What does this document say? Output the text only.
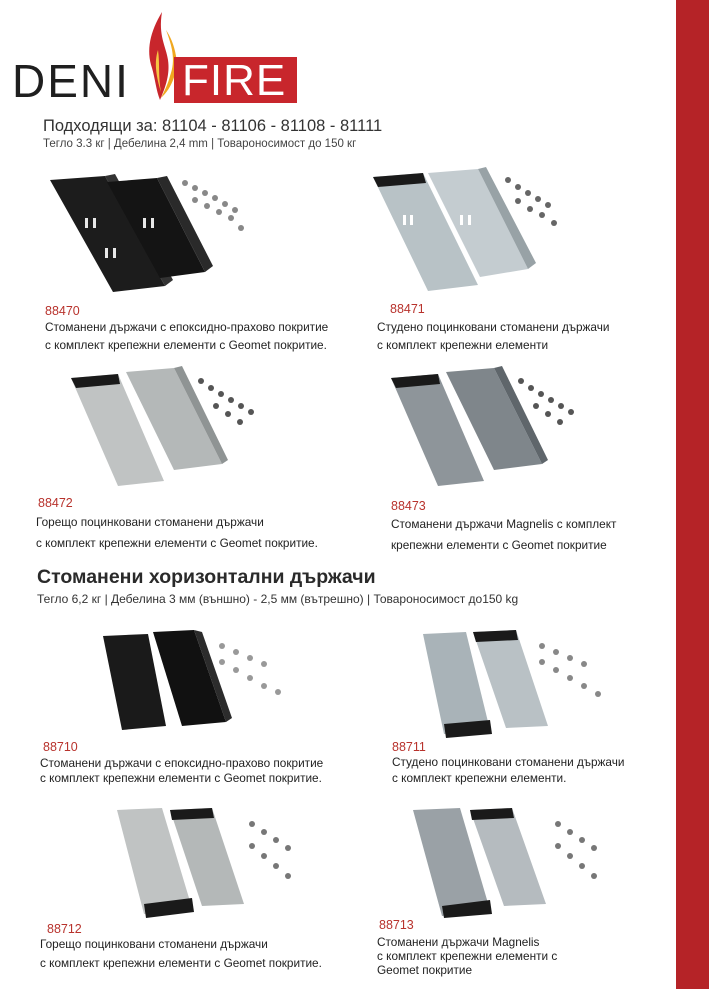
DENI FIRE
Подходящи за: 81104 - 81106 - 81108 - 81111
Тегло 3.3 кг | Дебелина 2,4 mm | Товароносимост до 150 кг
88470
Стоманени държачи с епоксидно-прахово покритие
с комплект крепежни елементи с Geomet покритие.
88471
Студено поцинковани стоманени държачи
с комплект крепежни елементи
88472
Горещо поцинковани стоманени държачи
с комплект крепежни елементи с Geomet покритие.
88473
Стоманени държачи Magnelis с комплект
крепежни елементи с Geomet покритие
Стоманени хоризонтални държачи
Тегло 6,2 кг | Дебелина 3 мм (външно) - 2,5 мм (вътрешно) | Товароносимост до150 kg
88710
Стоманени държачи с епоксидно-прахово покритие
с комплект крепежни елементи с Geomet покритие.
88711
Студено поцинковани стоманени държачи
с комплект крепежни елементи.
88712
Горещо поцинковани стоманени държачи
с комплект крепежни елементи с Geomet покритие.
88713
Стоманени държачи Magnelis
с комплект крепежни елементи с
Geomet покритие
